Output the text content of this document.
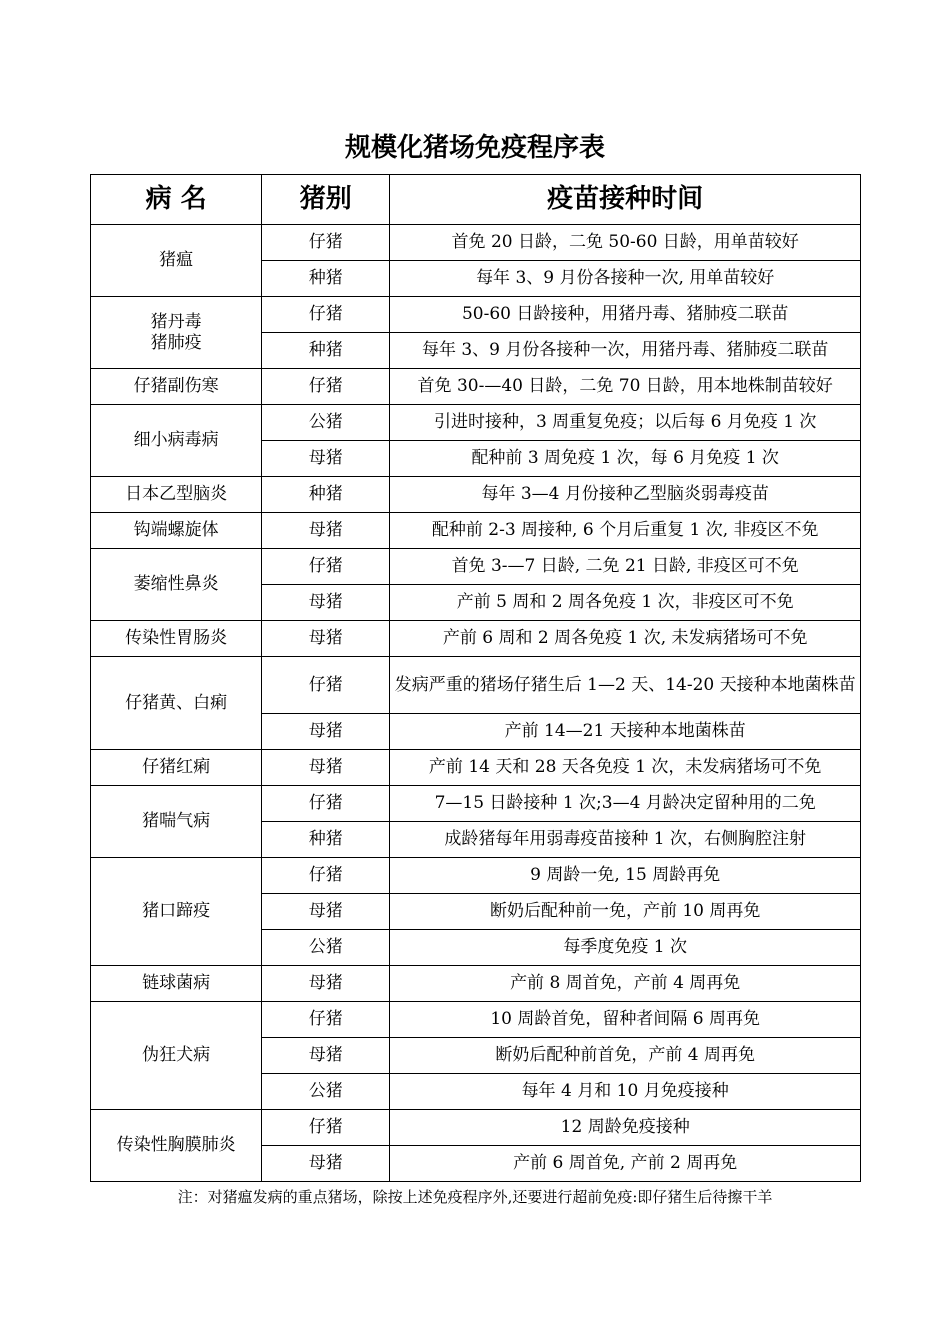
规模化猪场免疫程序表
病 名	猪别	疫苗接种时间

猪瘟	仔猪	首免 20 日龄，二免 50-60 日龄，用单苗较好
	种猪	每年 3、9 月份各接种一次, 用单苗较好

猪丹毒
猪肺疫	仔猪	50-60 日龄接种，用猪丹毒、猪肺疫二联苗
	种猪	每年 3、9 月份各接种一次，用猪丹毒、猪肺疫二联苗

仔猪副伤寒	仔猪	首免 30-—40 日龄，二免 70 日龄，用本地株制苗较好

细小病毒病	公猪	引进时接种，3 周重复免疫；以后每 6 月免疫 1 次
	母猪	配种前 3 周免疫 1 次，每 6 月免疫 1 次

日本乙型脑炎	种猪	每年 3—4 月份接种乙型脑炎弱毒疫苗

钩端螺旋体	母猪	配种前 2-3 周接种, 6 个月后重复 1 次, 非疫区不免

萎缩性鼻炎	仔猪	首免 3-—7 日龄, 二免 21 日龄, 非疫区可不免
	母猪	产前 5 周和 2 周各免疫 1 次，非疫区可不免

传染性胃肠炎	母猪	产前 6 周和 2 周各免疫 1 次, 未发病猪场可不免

仔猪黄、白痢	仔猪	发病严重的猪场仔猪生后 1—2 天、14-20 天接种本地菌株苗
	母猪	产前 14—21 天接种本地菌株苗

仔猪红痢	母猪	产前 14 天和 28 天各免疫 1 次，未发病猪场可不免

猪喘气病	仔猪	7—15 日龄接种 1 次;3—4 月龄决定留种用的二免
	种猪	成龄猪每年用弱毒疫苗接种 1 次，右侧胸腔注射

猪口蹄疫	仔猪	9 周龄一免, 15 周龄再免
	母猪	断奶后配种前一免，产前 10 周再免
	公猪	每季度免疫 1 次

链球菌病	母猪	产前 8 周首免，产前 4 周再免

伪狂犬病	仔猪	10 周龄首免，留种者间隔 6 周再免
	母猪	断奶后配种前首免，产前 4 周再免
	公猪	每年 4 月和 10 月免疫接种

传染性胸膜肺炎	仔猪	12 周龄免疫接种
	母猪	产前 6 周首免, 产前 2 周再免
注：对猪瘟发病的重点猪场，除按上述免疫程序外,还要进行超前免疫:即仔猪生后待擦干羊
